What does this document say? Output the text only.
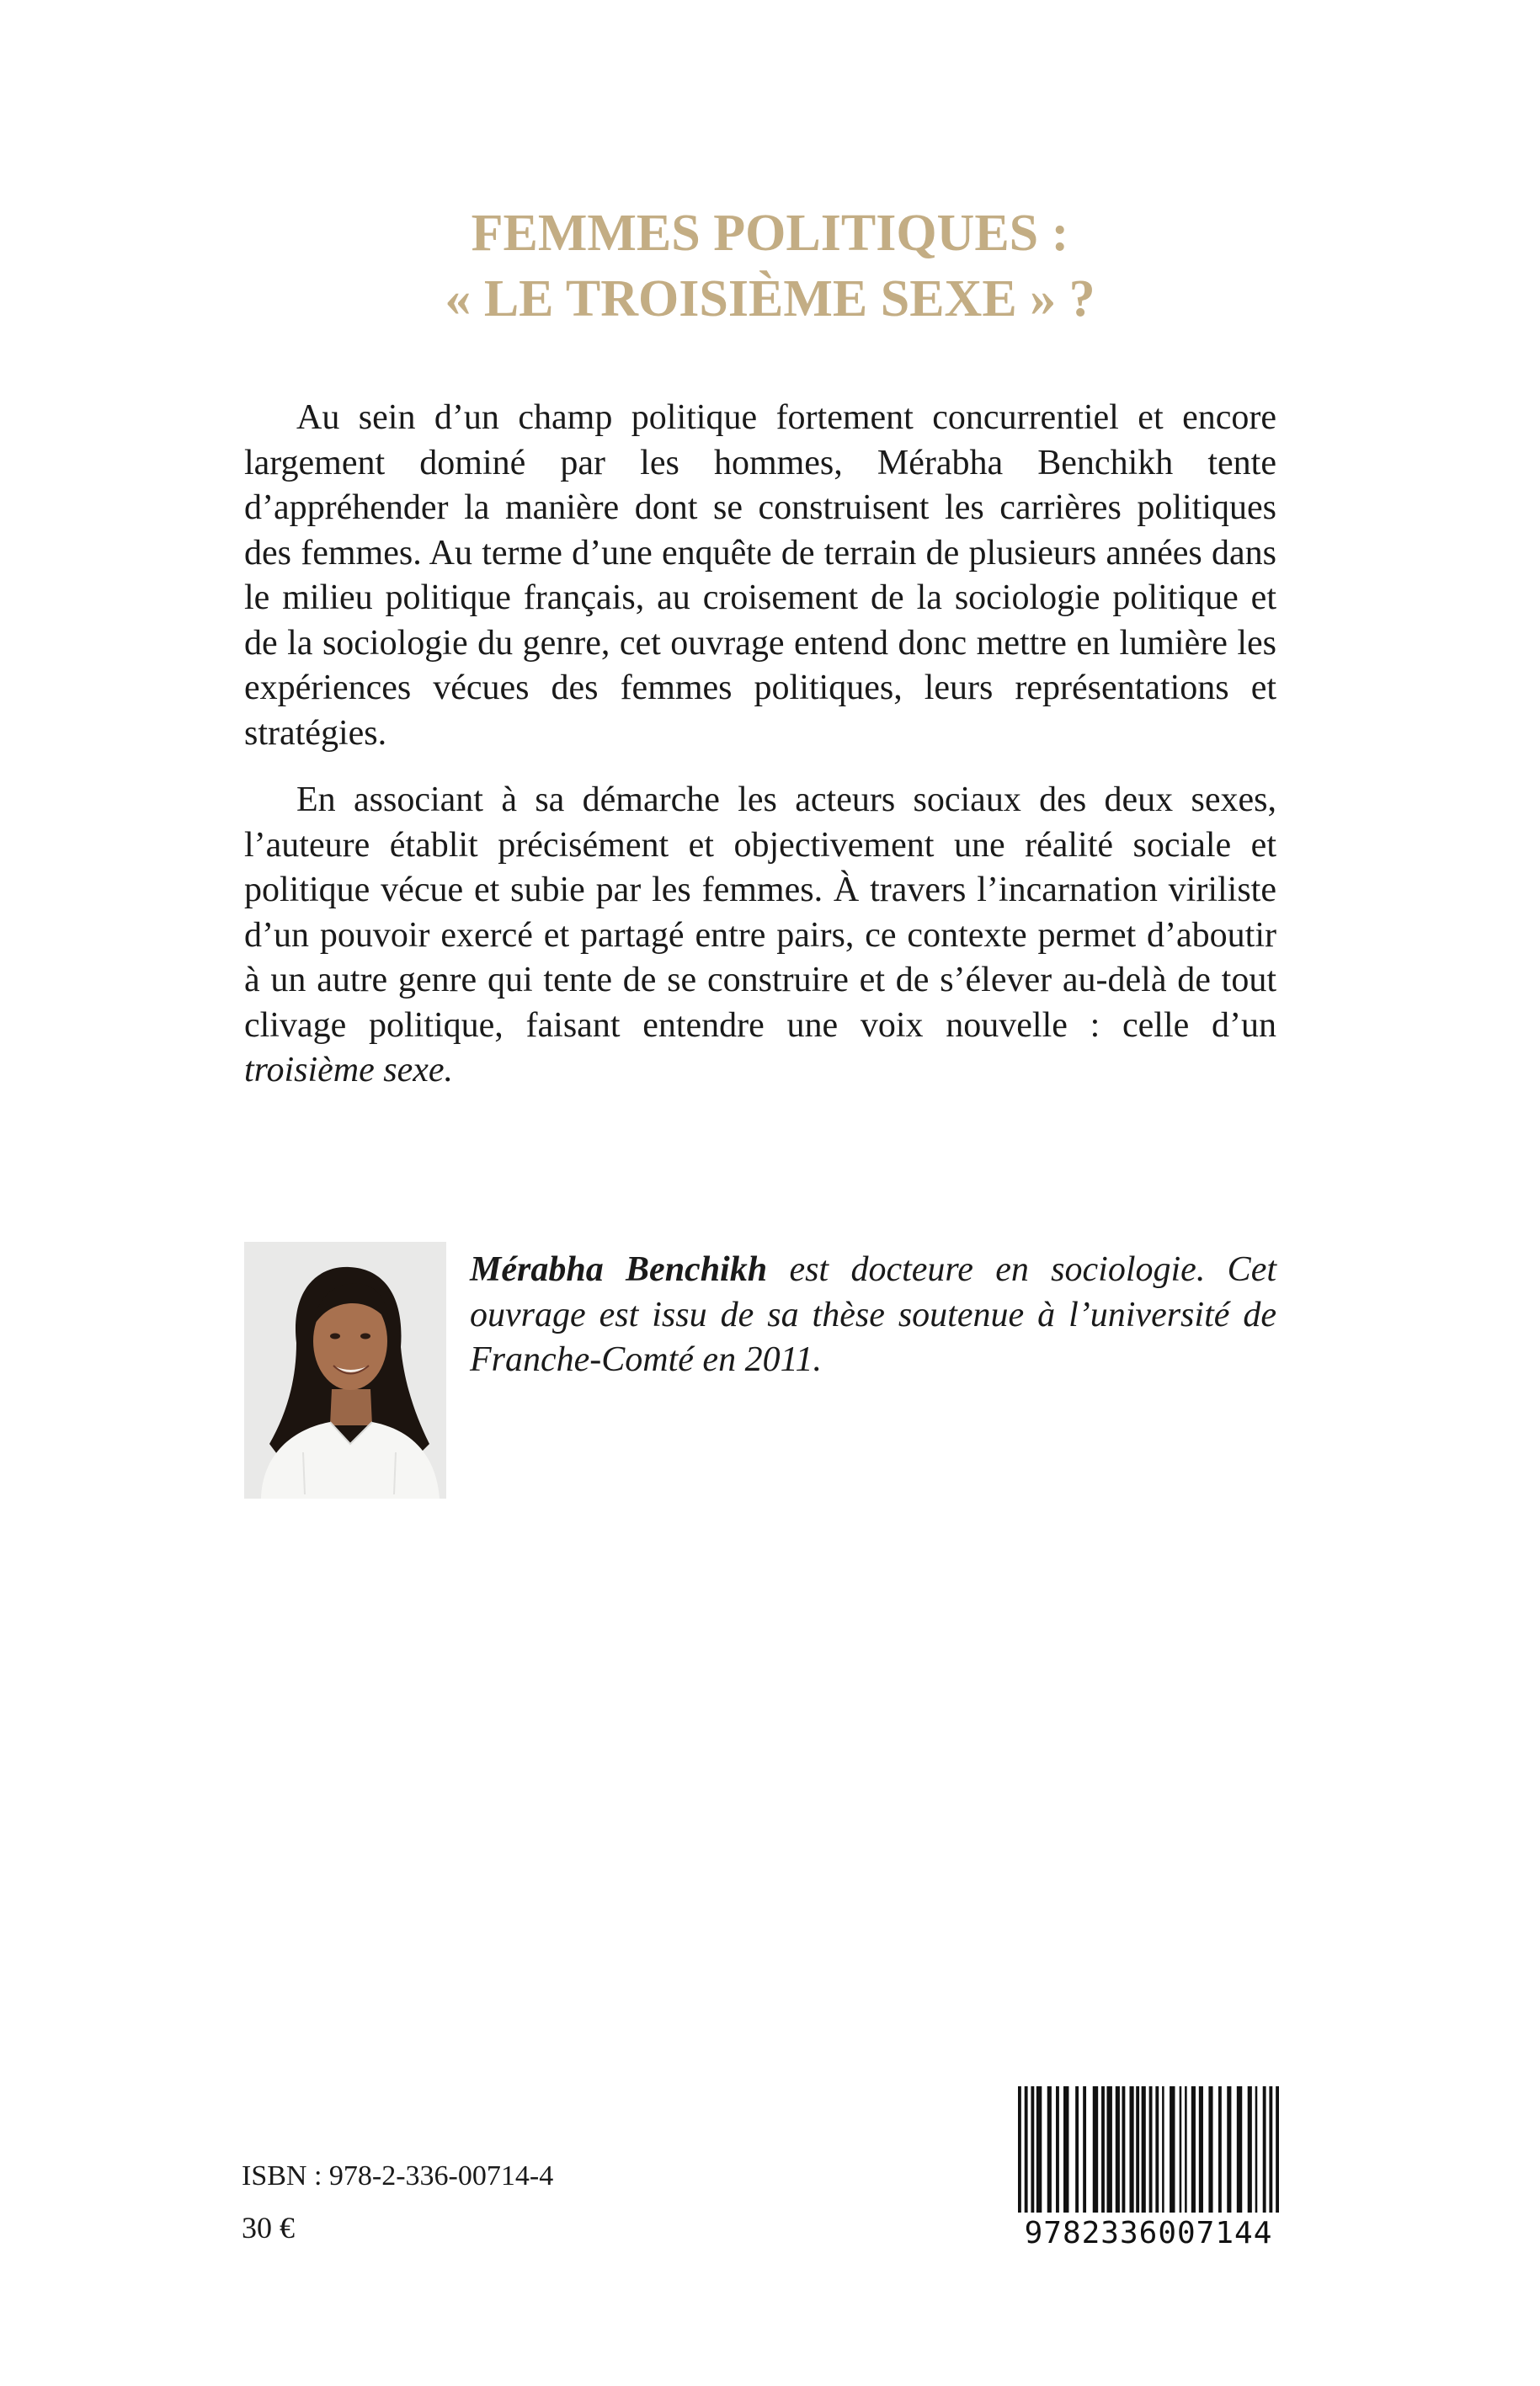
FEMMES POLITIQUES :
« LE TROISIÈME SEXE » ?

Au sein d’un champ politique fortement concurrentiel et encore largement dominé par les hommes, Mérabha Benchikh tente d’appréhender la manière dont se construisent les carrières politiques des femmes. Au terme d’une enquête de terrain de plusieurs années dans le milieu politique français, au croisement de la sociologie politique et de la sociologie du genre, cet ouvrage entend donc mettre en lumière les expériences vécues des femmes politiques, leurs représentations et stratégies.

En associant à sa démarche les acteurs sociaux des deux sexes, l’auteure établit précisément et objectivement une réalité sociale et politique vécue et subie par les femmes. À travers l’incarnation viriliste d’un pouvoir exercé et partagé entre pairs, ce contexte permet d’aboutir à un autre genre qui tente de se construire et de s’élever au-delà de tout clivage politique, faisant entendre une voix nouvelle : celle d’un troisième sexe.

Mérabha Benchikh est docteure en sociologie. Cet ouvrage est issu de sa thèse soutenue à l’université de Franche-Comté en 2011.
ISBN : 978-2-336-00714-4
30 €	9782336007144
